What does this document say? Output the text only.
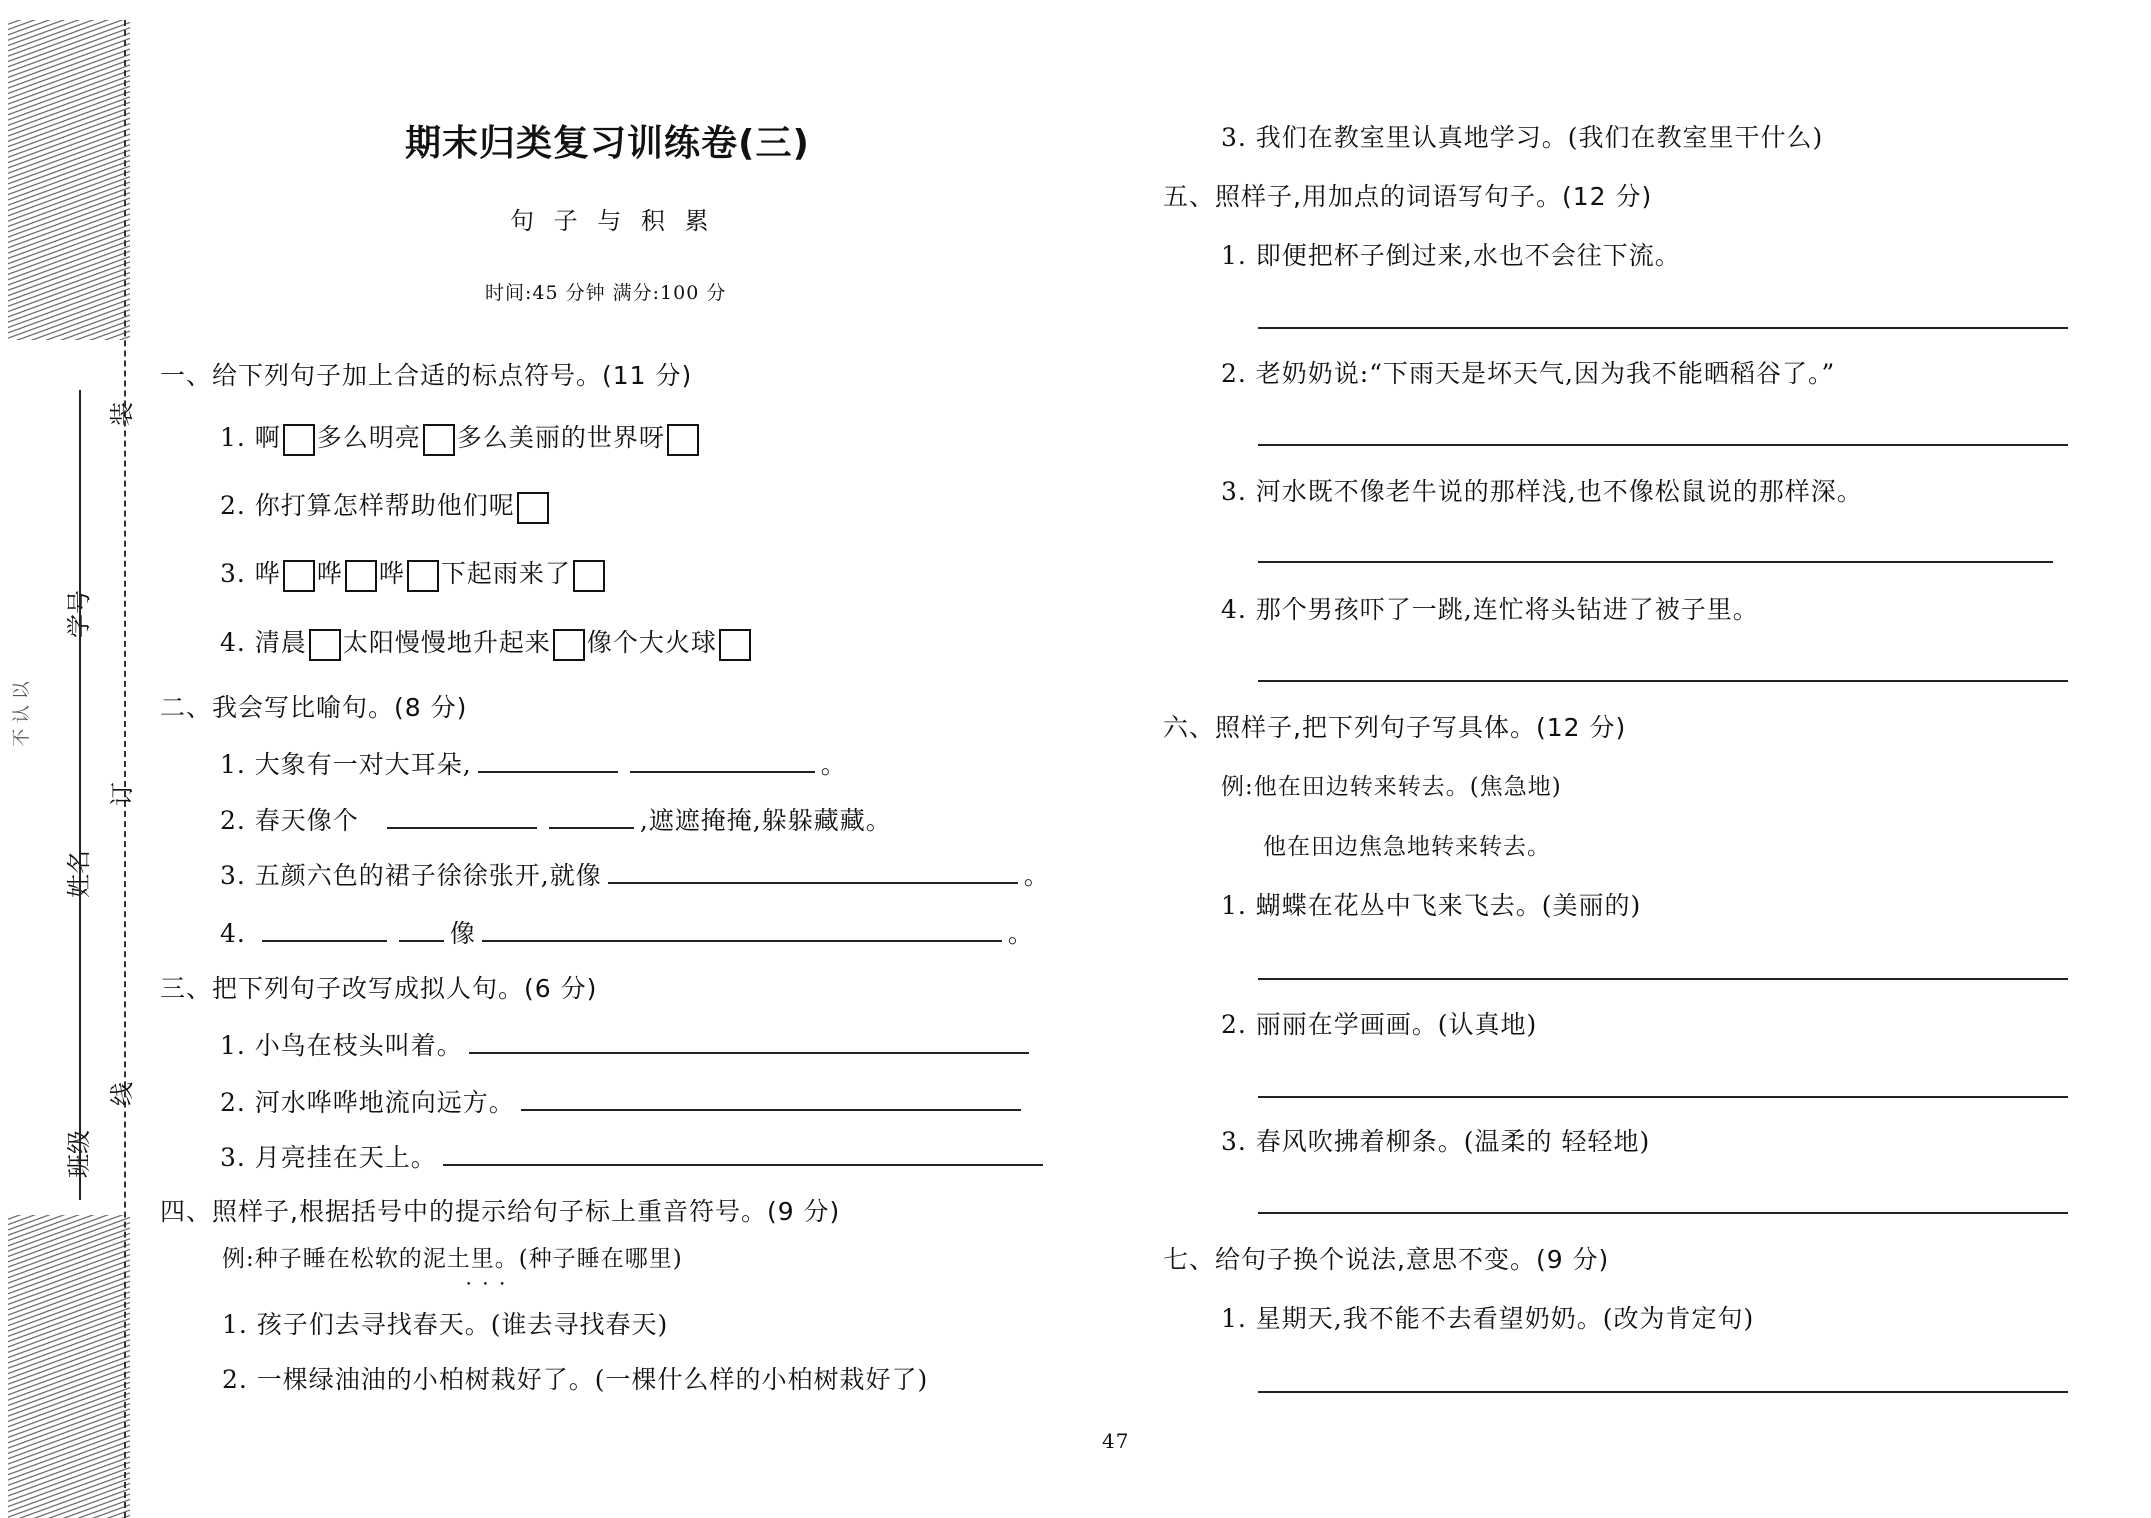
装
订
线
不 认 以
学号
姓名
班级
期末归类复习训练卷(三)
句 子 与 积 累
时间:45 分钟 满分:100 分
一、给下列句子加上合适的标点符号。(11 分)
1. 啊 多么明亮 多么美丽的世界呀
2. 你打算怎样帮助他们呢
3. 哗 哗 哗 下起雨来了
4. 清晨 太阳慢慢地升起来 像个大火球
二、我会写比喻句。(8 分)
1. 大象有一对大耳朵,	。
2. 春天像个	,遮遮掩掩,躲躲藏藏。
3. 五颜六色的裙子徐徐张开,就像	。
4.	像	。
三、把下列句子改写成拟人句。(6 分)
1. 小鸟在枝头叫着。
2. 河水哗哗地流向远方。
3. 月亮挂在天上。
四、照样子,根据括号中的提示给句子标上重音符号。(9 分)
例:种子睡在松软的泥土里。(种子睡在哪里)
•    •    •
1. 孩子们去寻找春天。(谁去寻找春天)
2. 一棵绿油油的小柏树栽好了。(一棵什么样的小柏树栽好了)
47
3. 我们在教室里认真地学习。(我们在教室里干什么)
五、照样子,用加点的词语写句子。(12 分)
1. 即便把杯子倒过来,水也不会往下流。
2. 老奶奶说:“下雨天是坏天气,因为我不能晒稻谷了。”
3. 河水既不像老牛说的那样浅,也不像松鼠说的那样深。
4. 那个男孩吓了一跳,连忙将头钻进了被子里。
六、照样子,把下列句子写具体。(12 分)
例:他在田边转来转去。(焦急地)
他在田边焦急地转来转去。
1. 蝴蝶在花丛中飞来飞去。(美丽的)
2. 丽丽在学画画。(认真地)
3. 春风吹拂着柳条。(温柔的 轻轻地)
七、给句子换个说法,意思不变。(9 分)
1. 星期天,我不能不去看望奶奶。(改为肯定句)
